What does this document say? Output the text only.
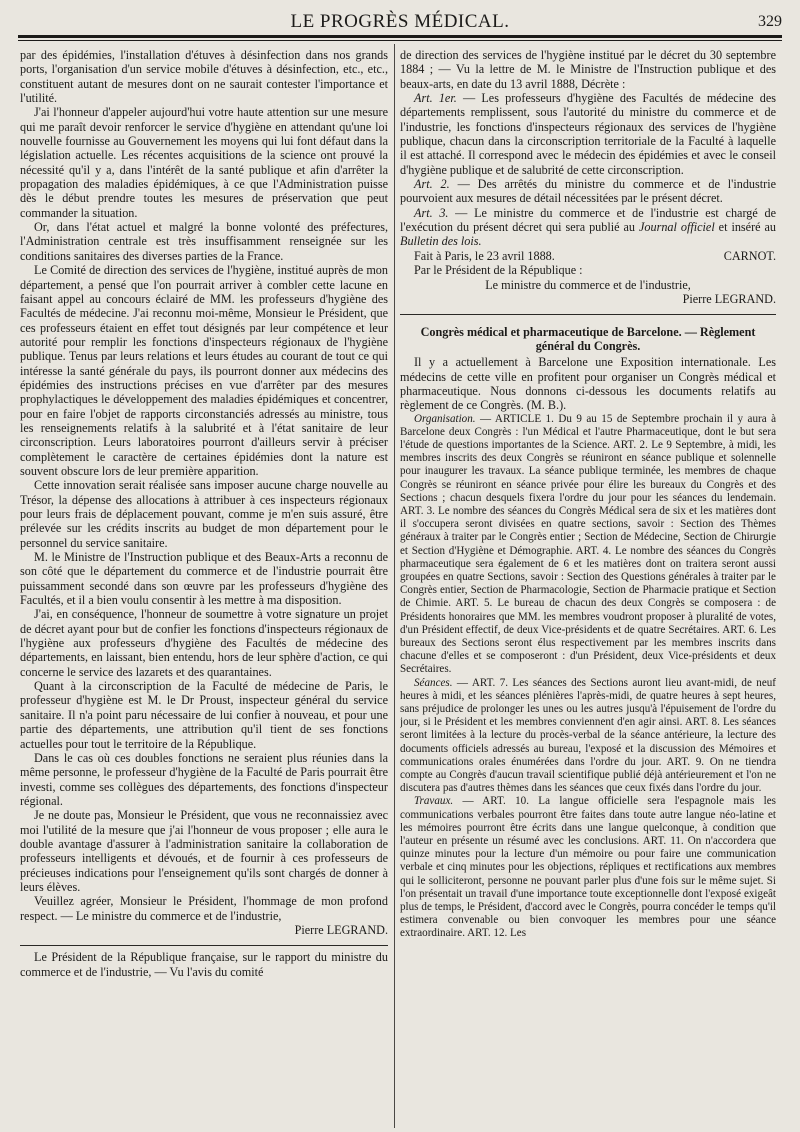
LE PROGRÈS MÉDICAL.	329

par des épidémies, l'installation d'étuves à désinfection dans nos grands ports, l'organisation d'un service mobile d'étuves à désinfection, etc., etc., constituent autant de mesures dont on ne saurait contester l'importance et l'utilité.

J'ai l'honneur d'appeler aujourd'hui votre haute attention sur une mesure qui me paraît devoir renforcer le service d'hygiène en attendant qu'une loi nouvelle fournisse au Gouvernement les moyens qui lui font défaut dans la législation actuelle. Les récentes acquisitions de la science ont prouvé la nécessité qu'il y a, dans l'intérêt de la santé publique et afin d'arrêter la propagation des maladies épidémiques, à ce que l'Administration puisse dès le début prendre toutes les mesures de préservation que peut commander la situation.

Or, dans l'état actuel et malgré la bonne volonté des préfectures, l'Administration centrale est très insuffisamment renseignée sur les conditions sanitaires des diverses parties de la France.

Le Comité de direction des services de l'hygiène, institué auprès de mon département, a pensé que l'on pourrait arriver à combler cette lacune en faisant appel au concours éclairé de MM. les professeurs d'hygiène des Facultés de médecine. J'ai reconnu moi-même, Monsieur le Président, que ces professeurs étaient en effet tout désignés par leur compétence et leur autorité pour remplir les fonctions d'inspecteurs régionaux de l'hygiène publique. Tenus par leurs relations et leurs études au courant de tout ce qui intéresse la santé générale du pays, ils pourront donner aux médecins des épidémies des instructions précises en vue d'arrêter par des mesures prophylactiques le développement des maladies épidémiques et concentrer, pour en faire l'objet de rapports circonstanciés adressés au ministre, tous les renseignements relatifs à la salubrité et à l'état sanitaire de leur circonscription. Leurs laboratoires pourront d'ailleurs servir à préciser complètement le caractère de certaines épidémies dont la nature est souvent obscure lors de leur première apparition.

Cette innovation serait réalisée sans imposer aucune charge nouvelle au Trésor, la dépense des allocations à attribuer à ces inspecteurs régionaux pour leurs frais de déplacement pouvant, comme je m'en suis assuré, être prélevée sur les crédits inscrits au budget de mon département pour le personnel du service sanitaire.

M. le Ministre de l'Instruction publique et des Beaux-Arts a reconnu de son côté que le département du commerce et de l'industrie pourrait être puissamment secondé dans son œuvre par les professeurs d'hygiène des Facultés, et il a bien voulu consentir à les mettre à ma disposition.

J'ai, en conséquence, l'honneur de soumettre à votre signature un projet de décret ayant pour but de confier les fonctions d'inspecteurs régionaux de l'hygiène aux professeurs d'hygiène des Facultés de médecine des départements, en laissant, bien entendu, hors de leur sphère d'action, ce qui concerne le service des lazarets et des quarantaines.

Quant à la circonscription de la Faculté de médecine de Paris, le professeur d'hygiène est M. le Dr Proust, inspecteur général du service sanitaire. Il n'a point paru nécessaire de lui confier à nouveau, et pour une partie des départements, une attribution qu'il tient de ses fonctions actuelles pour tout le territoire de la République.

Dans le cas où ces doubles fonctions ne seraient plus réunies dans la même personne, le professeur d'hygiène de la Faculté de Paris pourrait être investi, comme ses collègues des départements, des fonctions d'inspecteur régional.

Je ne doute pas, Monsieur le Président, que vous ne reconnaissiez avec moi l'utilité de la mesure que j'ai l'honneur de vous proposer ; elle aura le double avantage d'assurer à l'administration sanitaire la collaboration de professeurs intelligents et dévoués, et de fournir à ces professeurs de précieuses indications pour l'enseignement qu'ils sont chargés de donner à leurs élèves.

Veuillez agréer, Monsieur le Président, l'hommage de mon profond respect. — Le ministre du commerce et de l'industrie,

Pierre LEGRAND.

Le Président de la République française, sur le rapport du ministre du commerce et de l'industrie, — Vu l'avis du comité

de direction des services de l'hygiène institué par le décret du 30 septembre 1884 ; — Vu la lettre de M. le Ministre de l'Instruction publique et des beaux-arts, en date du 13 avril 1888, Décrète :

Art. 1er. — Les professeurs d'hygiène des Facultés de médecine des départements remplissent, sous l'autorité du ministre du commerce et de l'industrie, les fonctions d'inspecteurs régionaux des services de l'hygiène publique, chacun dans la circonscription territoriale de la Faculté à laquelle il est attaché. Il correspond avec le médecin des épidémies et avec le conseil d'hygiène publique et de salubrité de cette circonscription.

Art. 2. — Des arrêtés du ministre du commerce et de l'industrie pourvoient aux mesures de détail nécessitées par le présent décret.

Art. 3. — Le ministre du commerce et de l'industrie est chargé de l'exécution du présent décret qui sera publié au Journal officiel et inséré au Bulletin des lois.

Fait à Paris, le 23 avril 1888.	CARNOT.

Par le Président de la République :

Le ministre du commerce et de l'industrie,

Pierre LEGRAND.

Congrès médical et pharmaceutique de Barcelone. — Règlement général du Congrès.

Il y a actuellement à Barcelone une Exposition internationale. Les médecins de cette ville en profitent pour organiser un Congrès médical et pharmaceutique. Nous donnons ci-dessous les documents relatifs au règlement de ce Congrès. (M. B.).

Organisation. — ARTICLE 1. Du 9 au 15 de Septembre prochain il y aura à Barcelone deux Congrès : l'un Médical et l'autre Pharmaceutique, dont le but sera l'étude de questions importantes de la Science. ART. 2. Le 9 Septembre, à midi, les membres inscrits des deux Congrès se réuniront en séance publique et solennelle pour inaugurer les travaux. La séance publique terminée, les membres de chaque Congrès se réuniront en séance privée pour élire les bureaux du Congrès et des Sections ; chacun desquels fixera l'ordre du jour pour les séances du lendemain. ART. 3. Le nombre des séances du Congrès Médical sera de six et les matières dont il s'occupera seront divisées en quatre sections, savoir : Section des Thèmes généraux à traiter par le Congrès entier ; Section de Médecine, Section de Chirurgie et Section d'Hygiène et Démographie. ART. 4. Le nombre des séances du Congrès pharmaceutique sera également de 6 et les matières dont on traitera seront aussi groupées en quatre Sections, savoir : Section des Questions générales à traiter par le Congrès entier, Section de Pharmacologie, Section de Pharmacie pratique et Section de Chimie. ART. 5. Le bureau de chacun des deux Congrès se composera : de Présidents honoraires que MM. les membres voudront proposer à pluralité de votes, d'un Président effectif, de deux Vice-présidents et de quatre Secrétaires. ART. 6. Les bureaux des Sections seront élus respectivement par les membres inscrits dans chacune d'elles et se composeront : d'un Président, deux Vice-présidents et deux Secrétaires.

Séances. — ART. 7. Les séances des Sections auront lieu avant-midi, de neuf heures à midi, et les séances plénières l'après-midi, de quatre heures à sept heures, sans préjudice de prolonger les unes ou les autres jusqu'à l'épuisement de l'ordre du jour, si le Président et les membres conviennent d'en agir ainsi. ART. 8. Les séances seront limitées à la lecture du procès-verbal de la séance antérieure, la lecture des documents officiels adressés au bureau, l'exposé et la discussion des Mémoires et communications orales énumérées dans l'ordre du jour. ART. 9. On ne tiendra compte au Congrès d'aucun travail scientifique publié déjà antérieurement et l'on ne discutera pas d'autres thèmes dans les séances que ceux fixés dans l'ordre du jour.

Travaux. — ART. 10. La langue officielle sera l'espagnole mais les communications verbales pourront être faites dans toute autre langue néo-latine et les mémoires pourront être écrits dans une langue quelconque, à condition que l'auteur en présente un résumé avec les conclusions. ART. 11. On n'accordera que quinze minutes pour la lecture d'un mémoire ou pour faire une communication verbale et cinq minutes pour les objections, répliques et rectifications aux membres qui le solliciteront, personne ne pouvant parler plus d'une fois sur le même sujet. Si l'on présentait un travail d'une importance toute exceptionnelle dont l'exposé exigeât plus de temps, le Président, d'accord avec le Congrès, pourra concéder le temps qu'il estimera convenable ou bien convoquer les membres pour une séance extraordinaire. ART. 12. Les
